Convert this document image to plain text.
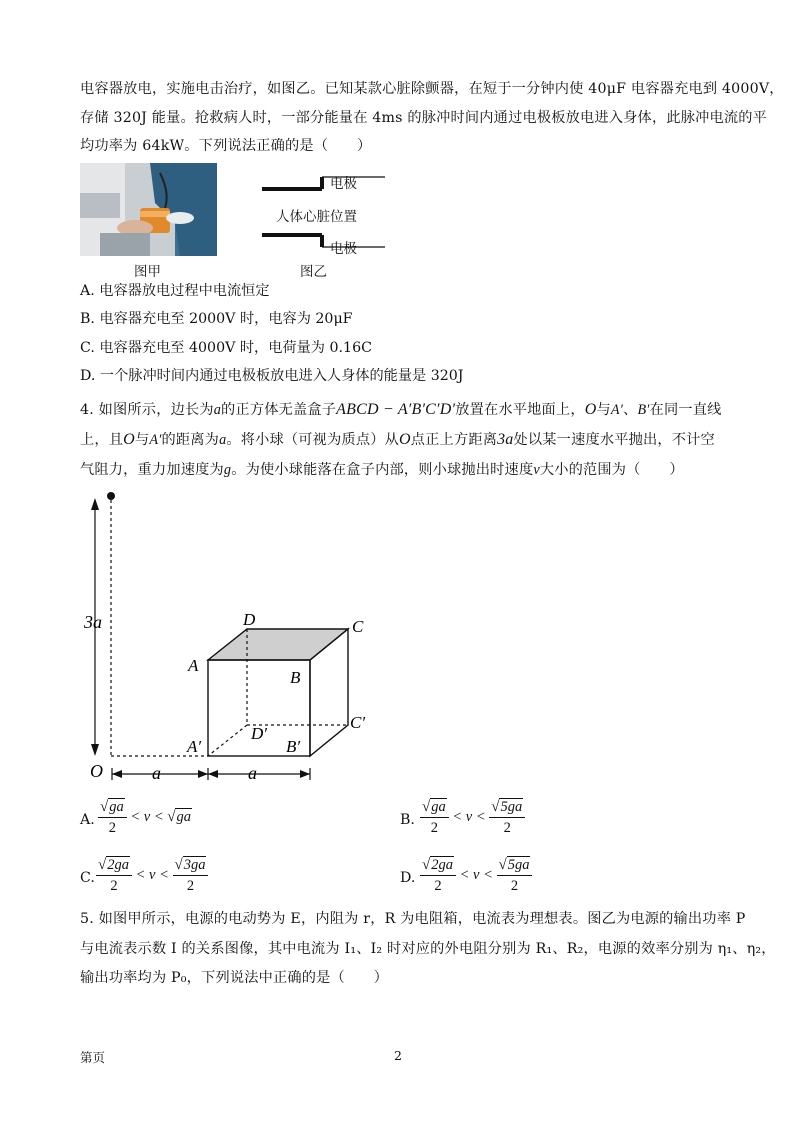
电容器放电，实施电击治疗，如图乙。已知某款心脏除颤器，在短于一分钟内使 40μF 电容器充电到 4000V，
存储 320J 能量。抢救病人时，一部分能量在 4ms 的脉冲时间内通过电极板放电进入身体，此脉冲电流的平
均功率为 64kW。下列说法正确的是（　　）
图甲
电极
人体心脏位置
电极
图乙
A. 电容器放电过程中电流恒定
B. 电容器充电至 2000V 时，电容为 20μF
C. 电容器充电至 4000V 时，电荷量为 0.16C
D. 一个脉冲时间内通过电极板放电进入人身体的能量是 320J
4. 如图所示，边长为a的正方体无盖盒子ABCD − A′B′C′D′放置在水平地面上，O与A′、B′在同一直线
上，且O与A′的距离为a。将小球（可视为质点）从O点正上方距离3a处以某一速度水平抛出，不计空
气阻力，重力加速度为g。为使小球能落在盒子内部，则小球抛出时速度v大小的范围为（　　）
3a
O	a	a
D	C
A
B
C′
D′
A′	B′
A. $\frac{√ga}{2} < v < √ga$	B. $\frac{√ga}{2} < v < \frac{√5ga}{2}$
C. $\frac{√2ga}{2} < v < \frac{√3ga}{2}$	D. $\frac{√2ga}{2} < v < \frac{√5ga}{2}$
5. 如图甲所示，电源的电动势为 E，内阻为 r，R 为电阻箱，电流表为理想表。图乙为电源的输出功率 P
与电流表示数 I 的关系图像，其中电流为 I₁、I₂ 时对应的外电阻分别为 R₁、R₂，电源的效率分别为 η₁、η₂，
输出功率均为 P₀，下列说法中正确的是（　　）
第页	2
